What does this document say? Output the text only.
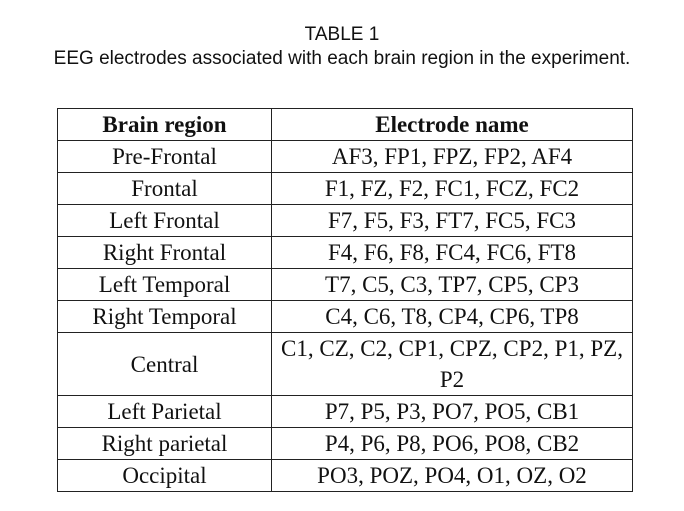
TABLE 1
EEG electrodes associated with each brain region in the experiment.
Brain region	Electrode name
Pre-Frontal	AF3, FP1, FPZ, FP2, AF4
Frontal	F1, FZ, F2, FC1, FCZ, FC2
Left Frontal	F7, F5, F3, FT7, FC5, FC3
Right Frontal	F4, F6, F8, FC4, FC6, FT8
Left Temporal	T7, C5, C3, TP7, CP5, CP3
Right Temporal	C4, C6, T8, CP4, CP6, TP8
Central	C1, CZ, C2, CP1, CPZ, CP2, P1, PZ, P2
Left Parietal	P7, P5, P3, PO7, PO5, CB1
Right parietal	P4, P6, P8, PO6, PO8, CB2
Occipital	PO3, POZ, PO4, O1, OZ, O2
